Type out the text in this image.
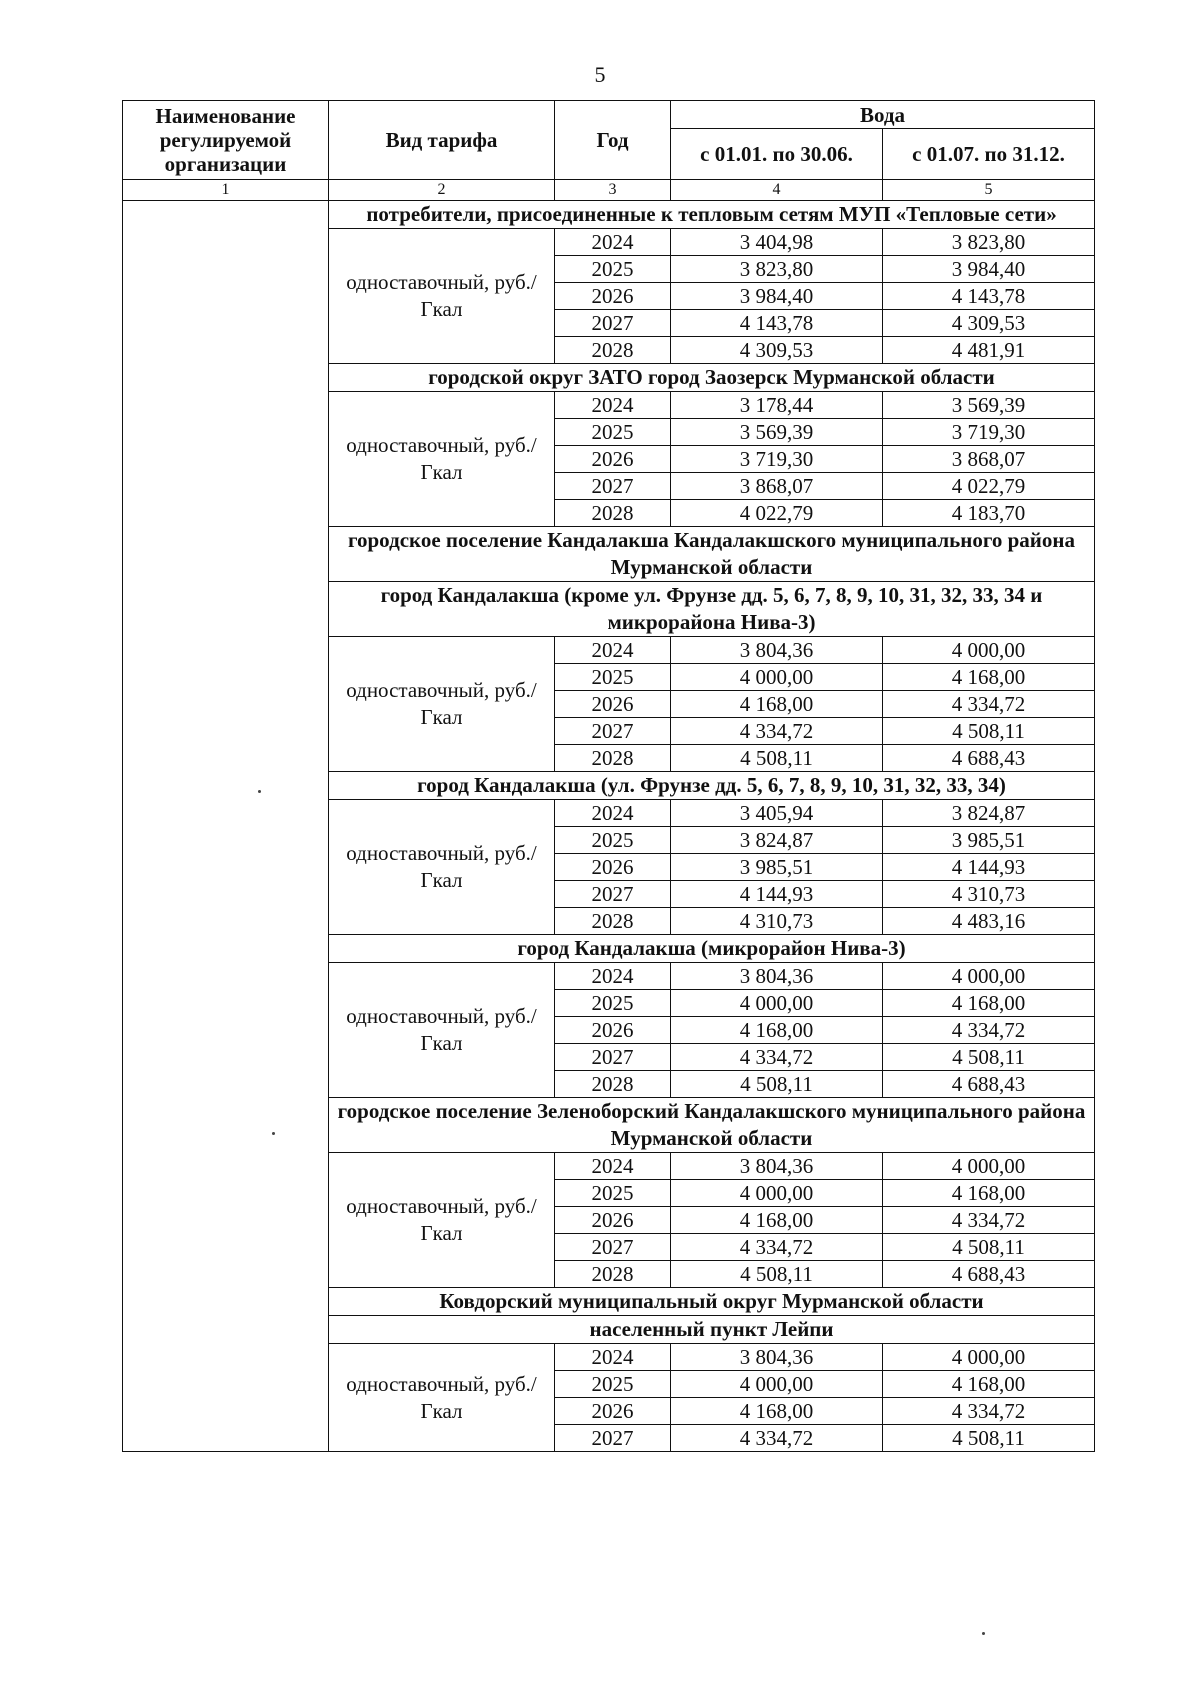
5
Наименование регулируемой организации	Вид тарифа	Год	Вода	
			с 01.01. по 30.06.	с 01.07. по 31.12.
1	2	3	4	5
	потребители, присоединенные к тепловым сетям МУП «Тепловые сети»			
	одноставочный, руб./Гкал	2024	3 404,98	3 823,80
		2025	3 823,80	3 984,40
		2026	3 984,40	4 143,78
		2027	4 143,78	4 309,53
		2028	4 309,53	4 481,91
	городской округ ЗАТО город Заозерск Мурманской области			
	одноставочный, руб./Гкал	2024	3 178,44	3 569,39
		2025	3 569,39	3 719,30
		2026	3 719,30	3 868,07
		2027	3 868,07	4 022,79
		2028	4 022,79	4 183,70
	городское поселение Кандалакша Кандалакшского муниципального района Мурманской области			
	город Кандалакша (кроме ул. Фрунзе дд. 5, 6, 7, 8, 9, 10, 31, 32, 33, 34 и микрорайона Нива-3)			
	одноставочный, руб./Гкал	2024	3 804,36	4 000,00
		2025	4 000,00	4 168,00
		2026	4 168,00	4 334,72
		2027	4 334,72	4 508,11
		2028	4 508,11	4 688,43
	город Кандалакша (ул. Фрунзе дд. 5, 6, 7, 8, 9, 10, 31, 32, 33, 34)			
	одноставочный, руб./Гкал	2024	3 405,94	3 824,87
		2025	3 824,87	3 985,51
		2026	3 985,51	4 144,93
		2027	4 144,93	4 310,73
		2028	4 310,73	4 483,16
	город Кандалакша (микрорайон Нива-3)			
	одноставочный, руб./Гкал	2024	3 804,36	4 000,00
		2025	4 000,00	4 168,00
		2026	4 168,00	4 334,72
		2027	4 334,72	4 508,11
		2028	4 508,11	4 688,43
	городское поселение Зеленоборский Кандалакшского муниципального района Мурманской области			
	одноставочный, руб./Гкал	2024	3 804,36	4 000,00
		2025	4 000,00	4 168,00
		2026	4 168,00	4 334,72
		2027	4 334,72	4 508,11
		2028	4 508,11	4 688,43
	Ковдорский муниципальный округ Мурманской области			
	населенный пункт Лейпи			
	одноставочный, руб./Гкал	2024	3 804,36	4 000,00
		2025	4 000,00	4 168,00
		2026	4 168,00	4 334,72
		2027	4 334,72	4 508,11
